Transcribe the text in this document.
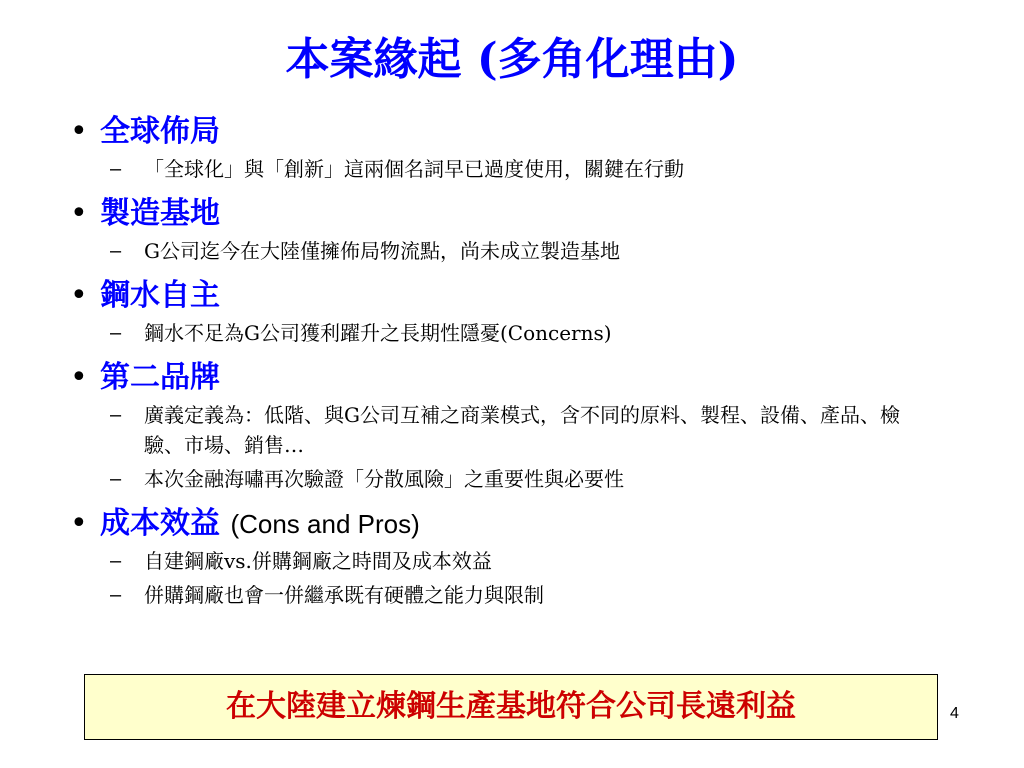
本案緣起 (多角化理由)
• 全球佈局
–	「全球化」與「創新」這兩個名詞早已過度使用，關鍵在行動
• 製造基地
–	G公司迄今在大陸僅擁佈局物流點，尚未成立製造基地
• 鋼水自主
–	鋼水不足為G公司獲利躍升之長期性隱憂(Concerns)
• 第二品牌
–	廣義定義為：低階、與G公司互補之商業模式，含不同的原料、製程、設備、產品、檢驗、市場、銷售…
–	本次金融海嘯再次驗證「分散風險」之重要性與必要性
• 成本效益 (Cons and Pros)
–	自建鋼廠vs.併購鋼廠之時間及成本效益
–	併購鋼廠也會一併繼承既有硬體之能力與限制
在大陸建立煉鋼生產基地符合公司長遠利益	4
